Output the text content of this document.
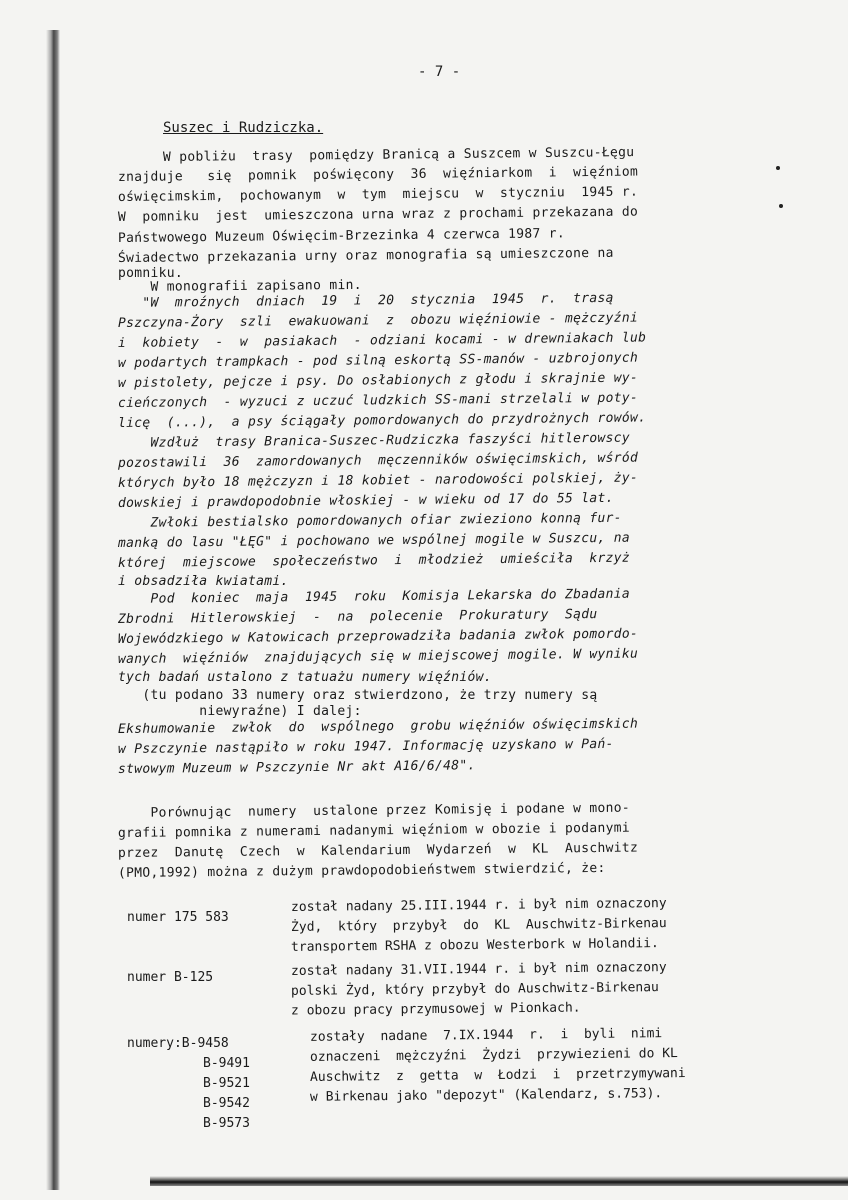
- 7 -
Suszec i Rudziczka.
W pobliżu  trasy  pomiędzy Branicą a Suszcem w Suszcu-Łęgu
znajduje   się  pomnik  poświęcony  36  więźniarkom  i  więźniom
oświęcimskim,  pochowanym  w  tym  miejscu  w  styczniu  1945 r.
W  pomniku  jest  umieszczona urna wraz z prochami przekazana do
Państwowego Muzeum Oświęcim-Brzezinka 4 czerwca 1987 r.
Świadectwo przekazania urny oraz monografia są umieszczone na
pomniku.
W monografii zapisano min.
"W  mroźnych  dniach  19  i  20  stycznia  1945  r.  trasą
Pszczyna-Żory  szli  ewakuowani  z  obozu więźniowie - mężczyźni
i  kobiety  -  w  pasiakach  - odziani kocami - w drewniakach lub
w podartych trampkach - pod silną eskortą SS-manów - uzbrojonych
w pistolety, pejcze i psy. Do osłabionych z głodu i skrajnie wy-
cieńczonych  - wyzuci z uczuć ludzkich SS-mani strzelali w poty-
licę  (...),  a psy ściągały pomordowanych do przydrożnych rowów.
Wzdłuż  trasy Branica-Suszec-Rudziczka faszyści hitlerowscy
pozostawili  36  zamordowanych  męczenników oświęcimskich, wśród
których było 18 mężczyzn i 18 kobiet - narodowości polskiej, ży-
dowskiej i prawdopodobnie włoskiej - w wieku od 17 do 55 lat.
Zwłoki bestialsko pomordowanych ofiar zwieziono konną fur-
manką do lasu "ŁĘG" i pochowano we wspólnej mogile w Suszcu, na
której  miejscowe  społeczeństwo  i  młodzież  umieściła  krzyż
i obsadziła kwiatami.
Pod  koniec  maja  1945  roku  Komisja Lekarska do Zbadania
Zbrodni  Hitlerowskiej  -  na  polecenie  Prokuratury  Sądu
Wojewódzkiego w Katowicach przeprowadziła badania zwłok pomordo-
wanych  więźniów  znajdujących się w miejscowej mogile. W wyniku
tych badań ustalono z tatuażu numery więźniów.
(tu podano 33 numery oraz stwierdzono, że trzy numery są
niewyraźne) I dalej:
Ekshumowanie  zwłok  do  wspólnego  grobu więźniów oświęcimskich
w Pszczynie nastąpiło w roku 1947. Informację uzyskano w Pań-
stwowym Muzeum w Pszczynie Nr akt A16/6/48".
Porównując  numery  ustalone przez Komisję i podane w mono-
grafii pomnika z numerami nadanymi więźniom w obozie i podanymi
przez  Danutę  Czech  w  Kalendarium  Wydarzeń  w  KL  Auschwitz
(PMO,1992) można z dużym prawdopodobieństwem stwierdzić, że:
numer 175 583
został nadany 25.III.1944 r. i był nim oznaczony
Żyd,  który  przybył  do  KL  Auschwitz-Birkenau
transportem RSHA z obozu Westerbork w Holandii.
numer B-125	został nadany 31.VII.1944 r. i był nim oznaczony
polski Żyd, który przybył do Auschwitz-Birkenau
z obozu pracy przymusowej w Pionkach.
numery:B-9458
B-9491
B-9521
B-9542
B-9573
zostały  nadane  7.IX.1944  r.  i  byli  nimi
oznaczeni  mężczyźni  Żydzi  przywiezieni do KL
Auschwitz  z  getta  w  Łodzi  i  przetrzymywani
w Birkenau jako "depozyt" (Kalendarz, s.753).
